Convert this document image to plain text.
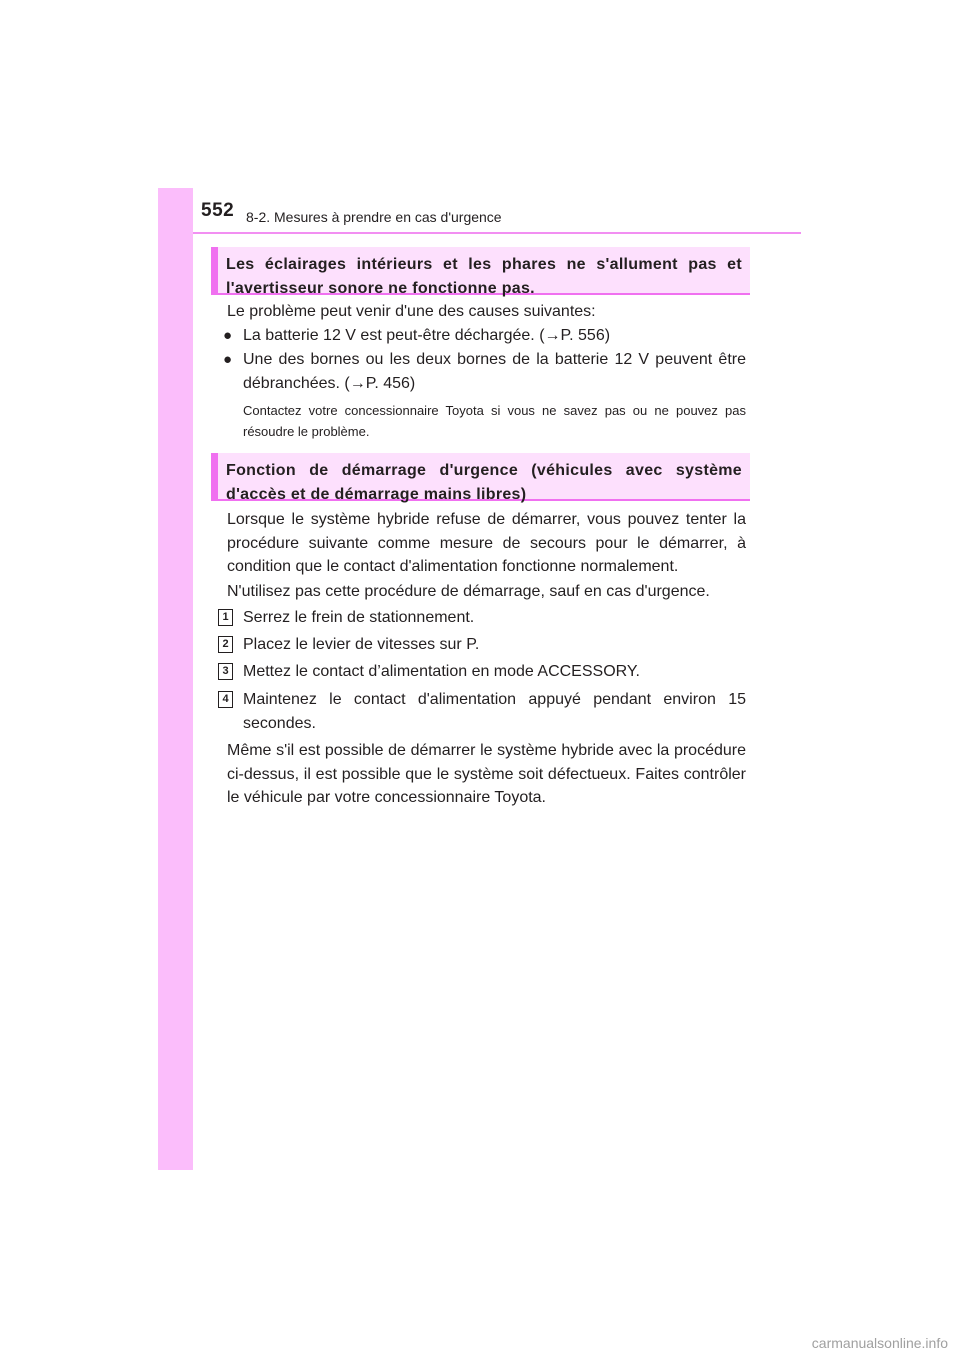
552 8-2. Mesures à prendre en cas d'urgence
Les éclairages intérieurs et les phares ne s'allument pas et l'avertisseur sonore ne fonctionne pas.
Le problème peut venir d'une des causes suivantes:
● La batterie 12 V est peut-être déchargée. (→P. 556)
● Une des bornes ou les deux bornes de la batterie 12 V peuvent être débranchées. (→P. 456)
Contactez votre concessionnaire Toyota si vous ne savez pas ou ne pouvez pas résoudre le problème.
Fonction de démarrage d'urgence (véhicules avec système d'accès et de démarrage mains libres)
Lorsque le système hybride refuse de démarrer, vous pouvez tenter la procédure suivante comme mesure de secours pour le démarrer, à condition que le contact d'alimentation fonctionne normalement.
N'utilisez pas cette procédure de démarrage, sauf en cas d'urgence.
1 Serrez le frein de stationnement.
2 Placez le levier de vitesses sur P.
3 Mettez le contact d’alimentation en mode ACCESSORY.
4 Maintenez le contact d'alimentation appuyé pendant environ 15 secondes.
Même s'il est possible de démarrer le système hybride avec la procédure ci-dessus, il est possible que le système soit défectueux. Faites contrôler le véhicule par votre concessionnaire Toyota.
carmanualsonline.info
